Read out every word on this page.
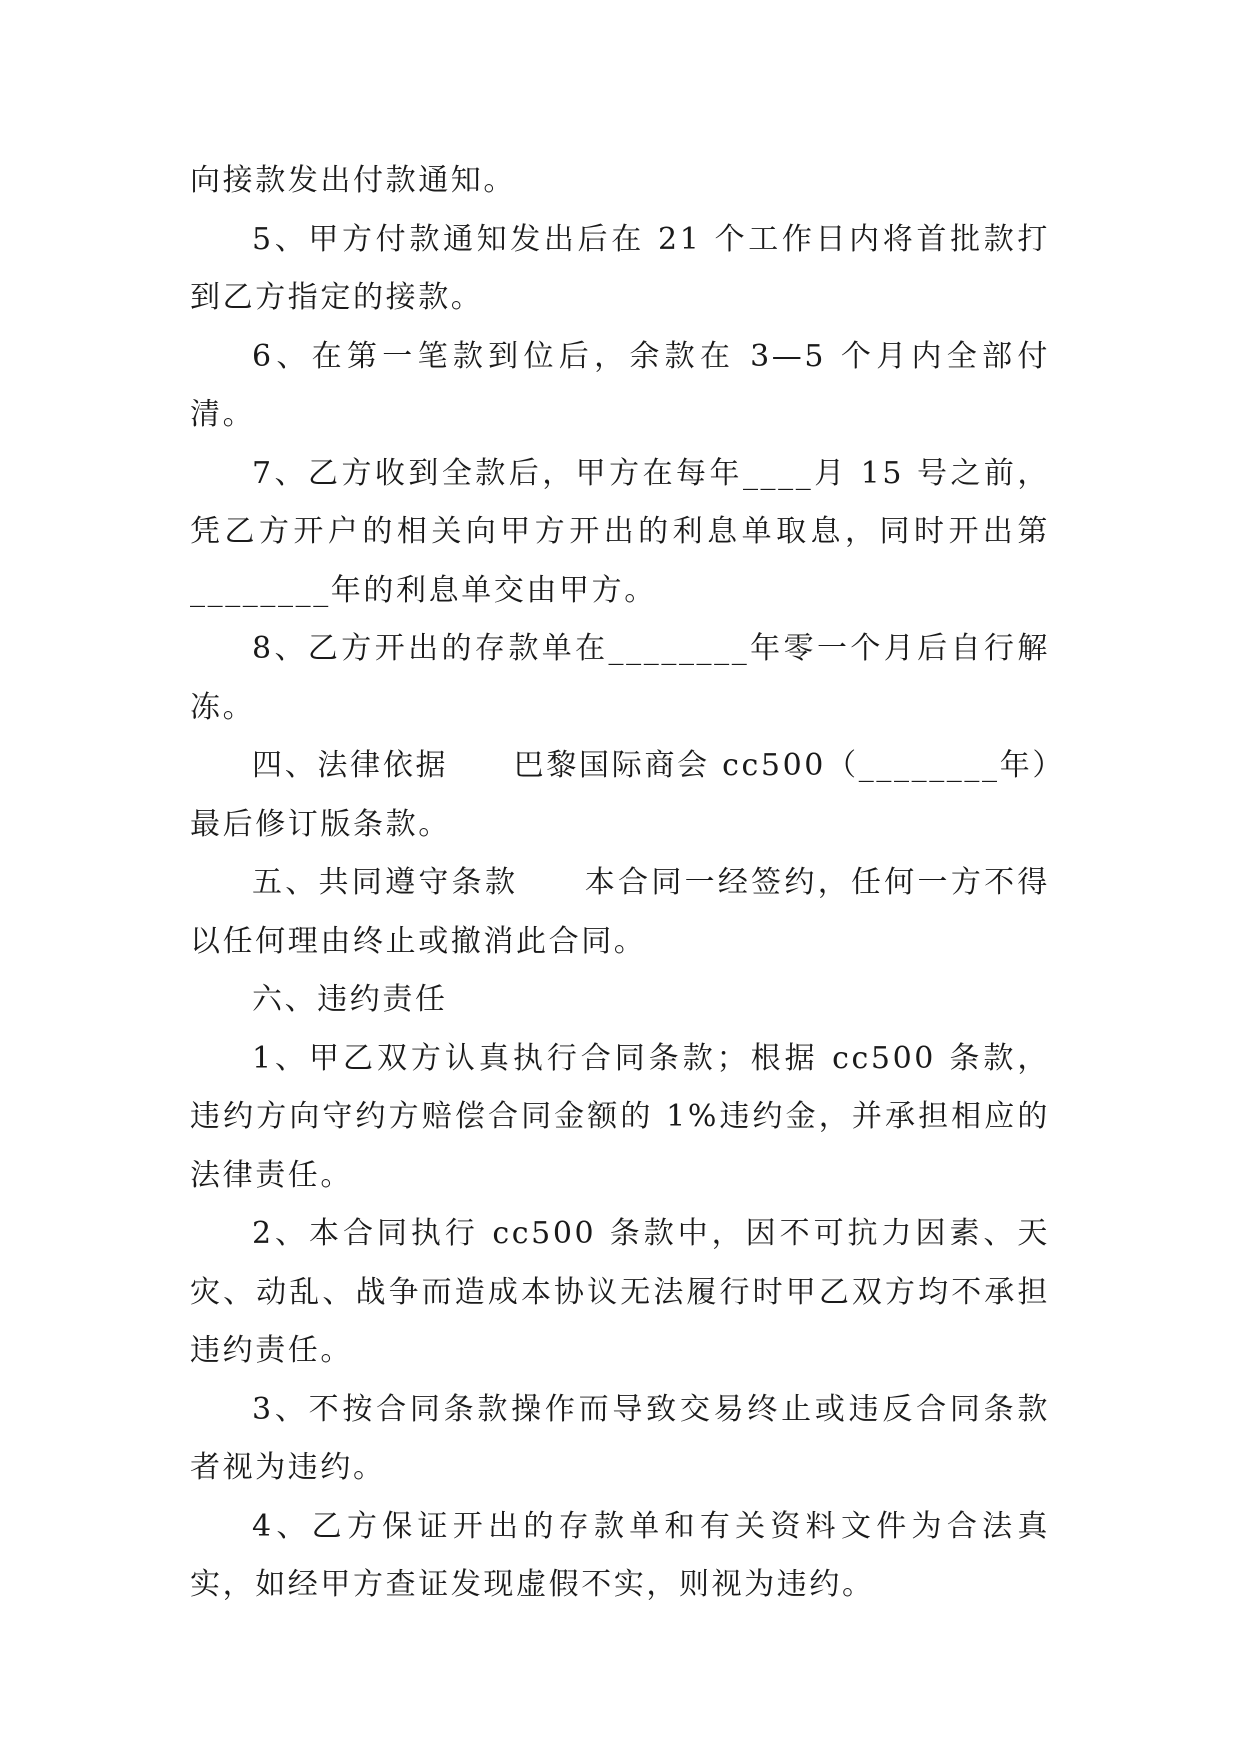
向接款发出付款通知。

5、甲方付款通知发出后在 21 个工作日内将首批款打到乙方指定的接款。

6、在第一笔款到位后，余款在 3—5 个月内全部付清。

7、乙方收到全款后，甲方在每年____月 15 号之前，凭乙方开户的相关向甲方开出的利息单取息，同时开出第________年的利息单交由甲方。

8、乙方开出的存款单在________年零一个月后自行解冻。

四、法律依据　　巴黎国际商会 cc500（________年）最后修订版条款。

五、共同遵守条款　　本合同一经签约，任何一方不得以任何理由终止或撤消此合同。

六、违约责任

1、甲乙双方认真执行合同条款；根据 cc500 条款，违约方向守约方赔偿合同金额的 1%违约金，并承担相应的法律责任。

2、本合同执行 cc500 条款中，因不可抗力因素、天灾、动乱、战争而造成本协议无法履行时甲乙双方均不承担违约责任。

3、不按合同条款操作而导致交易终止或违反合同条款者视为违约。

4、乙方保证开出的存款单和有关资料文件为合法真实，如经甲方查证发现虚假不实，则视为违约。
